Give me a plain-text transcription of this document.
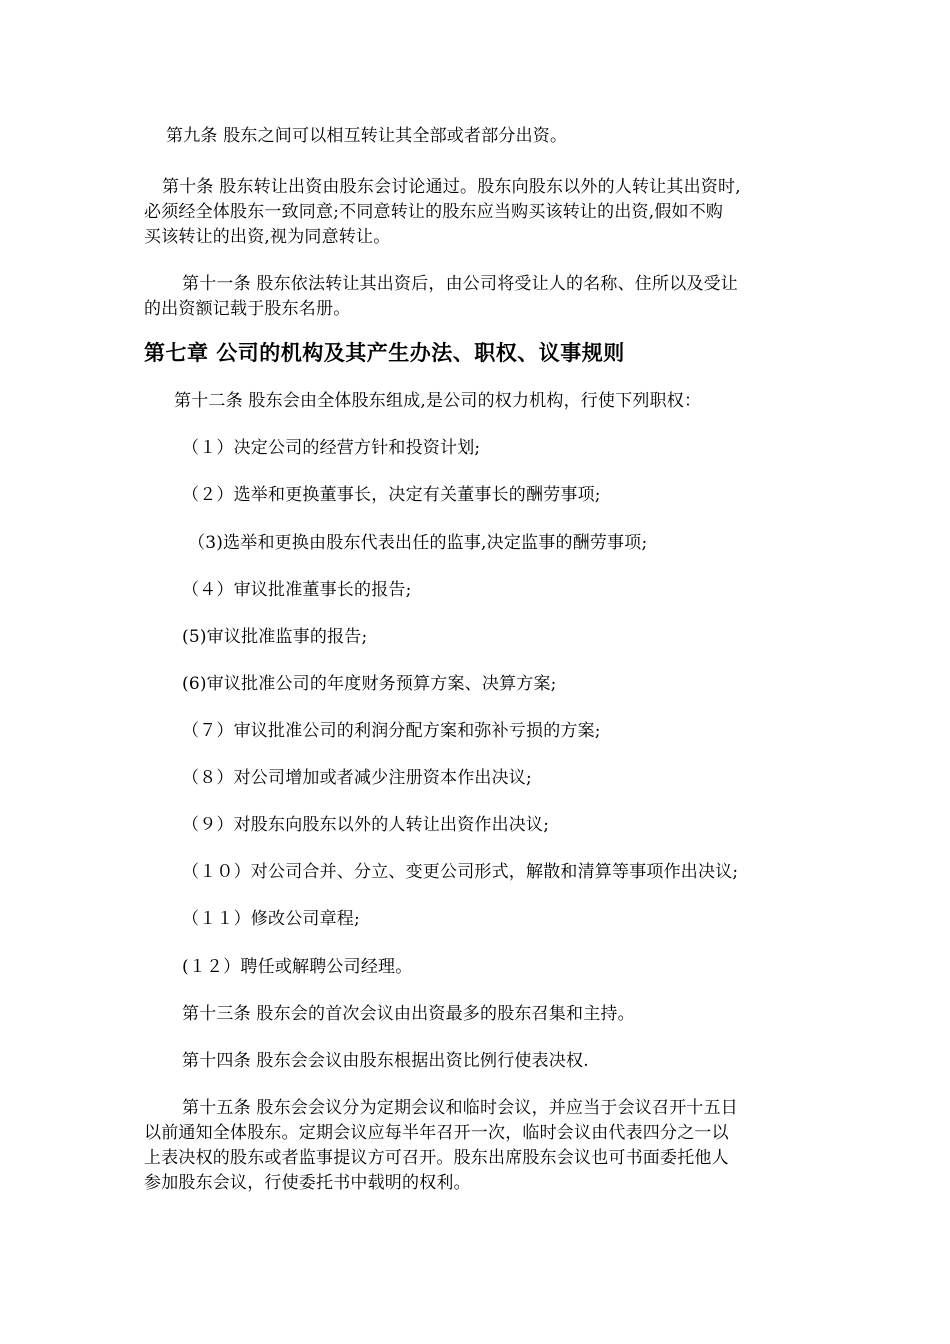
第九条 股东之间可以相互转让其全部或者部分出资。
第十条 股东转让出资由股东会讨论通过。股东向股东以外的人转让其出资时,
必须经全体股东一致同意;不同意转让的股东应当购买该转让的出资,假如不购
买该转让的出资,视为同意转让。
第十一条 股东依法转让其出资后，由公司将受让人的名称、住所以及受让
的出资额记载于股东名册。
第七章 公司的机构及其产生办法、职权、议事规则
第十二条 股东会由全体股东组成,是公司的权力机构，行使下列职权：
（１）决定公司的经营方针和投资计划;
（２）选举和更换董事长，决定有关董事长的酬劳事项;
（3)选举和更换由股东代表出任的监事,决定监事的酬劳事项;
（４）审议批准董事长的报告;
(5)审议批准监事的报告;
(6)审议批准公司的年度财务预算方案、决算方案;
（７）审议批准公司的利润分配方案和弥补亏损的方案;
（８）对公司增加或者减少注册资本作出决议;
（９）对股东向股东以外的人转让出资作出决议;
（１０）对公司合并、分立、变更公司形式，解散和清算等事项作出决议;
（１１）修改公司章程;
(１２）聘任或解聘公司经理。
第十三条 股东会的首次会议由出资最多的股东召集和主持。
第十四条 股东会会议由股东根据出资比例行使表决权.
第十五条 股东会会议分为定期会议和临时会议，并应当于会议召开十五日
以前通知全体股东。定期会议应每半年召开一次，临时会议由代表四分之一以
上表决权的股东或者监事提议方可召开。股东出席股东会议也可书面委托他人
参加股东会议，行使委托书中载明的权利。
